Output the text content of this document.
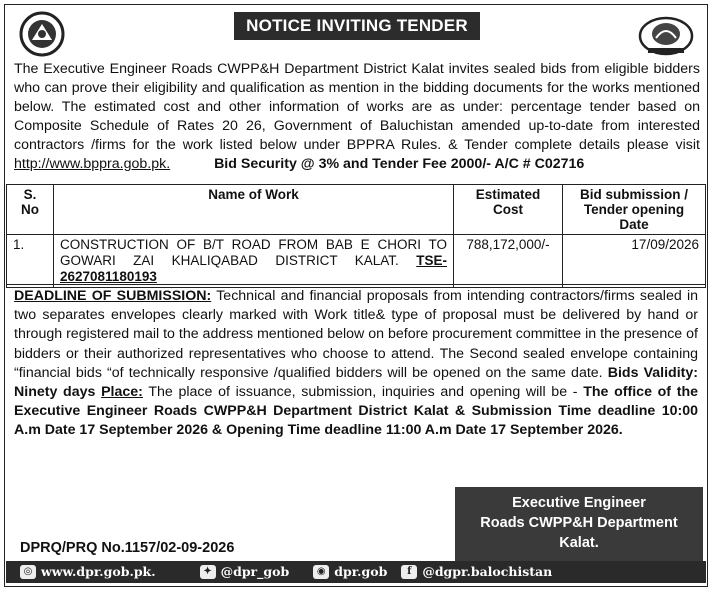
NOTICE INVITING TENDER
The Executive Engineer Roads CWPP&H Department District Kalat invites sealed bids from eligible bidders who can prove their eligibility and qualification as mention in the bidding documents for the works mentioned below. The estimated cost and other information of works are as under: percentage tender based on Composite Schedule of Rates 20 26, Government of Baluchistan amended up-to-date from interested contractors /firms for the work listed below under BPPRA Rules. & Tender complete details please visit http://www.bppra.gob.pk.	Bid Security @ 3% and Tender Fee 2000/- A/C # C02716
S. No	Name of Work	Estimated Cost	Bid submission / Tender opening Date
1.	CONSTRUCTION OF B/T ROAD FROM BAB E CHORI TO GOWARI ZAI KHALIQABAD DISTRICT KALAT. TSE-2627081180193	788,172,000/-	17/09/2026
DEADLINE OF SUBMISSION: Technical and financial proposals from intending contractors/firms sealed in two separates envelopes clearly marked with Work title& type of proposal must be delivered by hand or through registered mail to the address mentioned below on before procurement committee in the presence of bidders or their authorized representatives who choose to attend. The Second sealed envelope containing “financial bids “of technically responsive /qualified bidders will be opened on the same date. Bids Validity: Ninety days Place: The place of issuance, submission, inquiries and opening will be - The office of the Executive Engineer Roads CWPP&H Department District Kalat & Submission Time deadline 10:00 A.m Date 17 September 2026 & Opening Time deadline 11:00 A.m Date 17 September 2026.
Executive Engineer
Roads CWPP&H Department
Kalat.
DPRQ/PRQ No.1157/02-09-2026
◎ www.dpr.gob.pk.	✦ @dpr_gob	◉ dpr.gob	f @dgpr.balochistan
